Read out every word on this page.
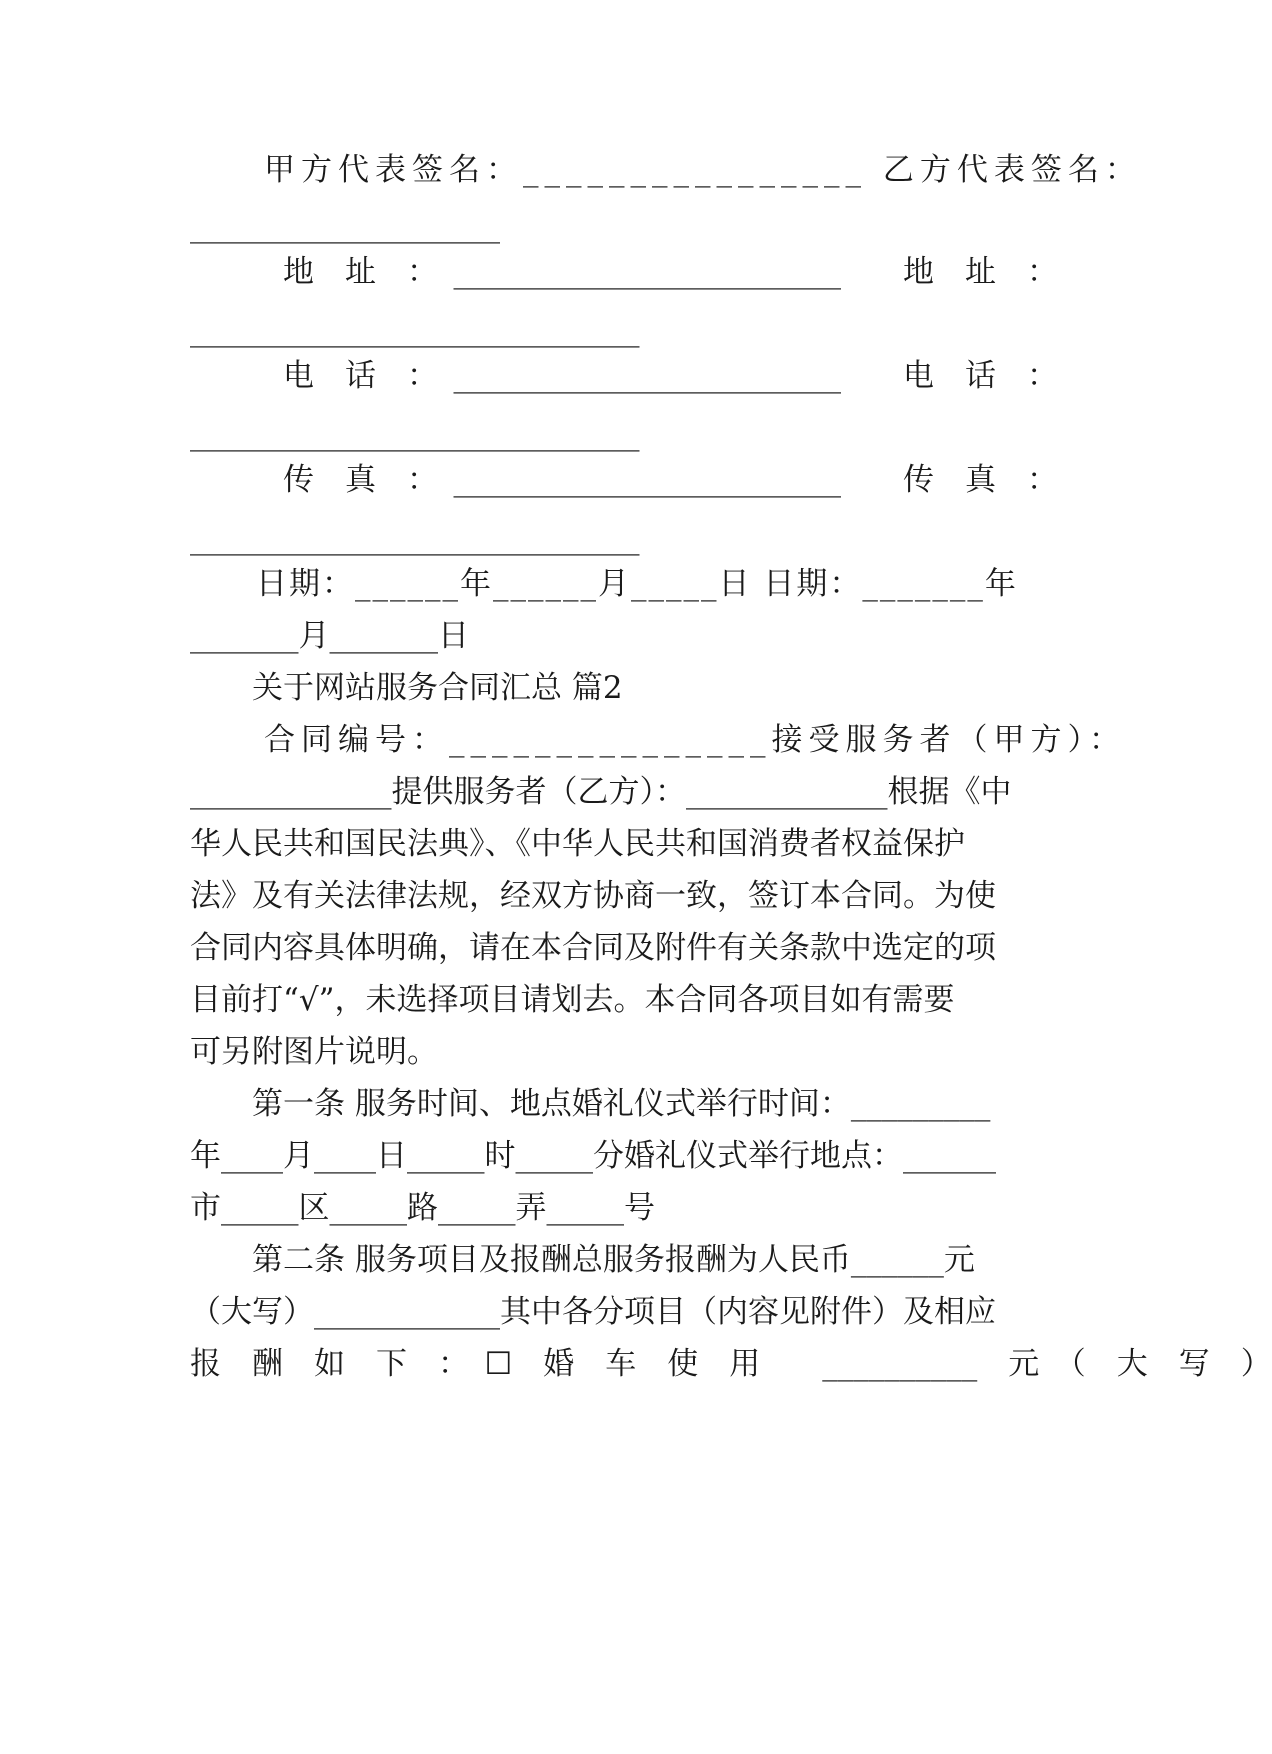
　　甲方代表签名：________________ 乙方代表签名：
____________________
　　　地　址　：　_________________________　　地　址　：
_____________________________
　　　电　话　：　_________________________　　电　话　：
_____________________________
　　　传　真　：　_________________________　　传　真　：
_____________________________
　　日期：______年______月_____日 日期：_______年
_______月_______日
　　关于网站服务合同汇总 篇2
　　合同编号：_______________接受服务者（甲方）：
_____________提供服务者（乙方）：_____________根据《中
华人民共和国民法典》、《中华人民共和国消费者权益保护
法》及有关法律法规，经双方协商一致，签订本合同。为使
合同内容具体明确，请在本合同及附件有关条款中选定的项
目前打“√”，未选择项目请划去。本合同各项目如有需要
可另附图片说明。
　　第一条 服务时间、地点婚礼仪式举行时间：_________
年____月____日_____时_____分婚礼仪式举行地点：______
市_____区_____路_____弄_____号
　　第二条 服务项目及报酬总服务报酬为人民币______元
（大写）____________其中各分项目（内容见附件）及相应
报　酬　如　下　：　☐　婚　车　使　用　　__________　元　（　大　写　）
